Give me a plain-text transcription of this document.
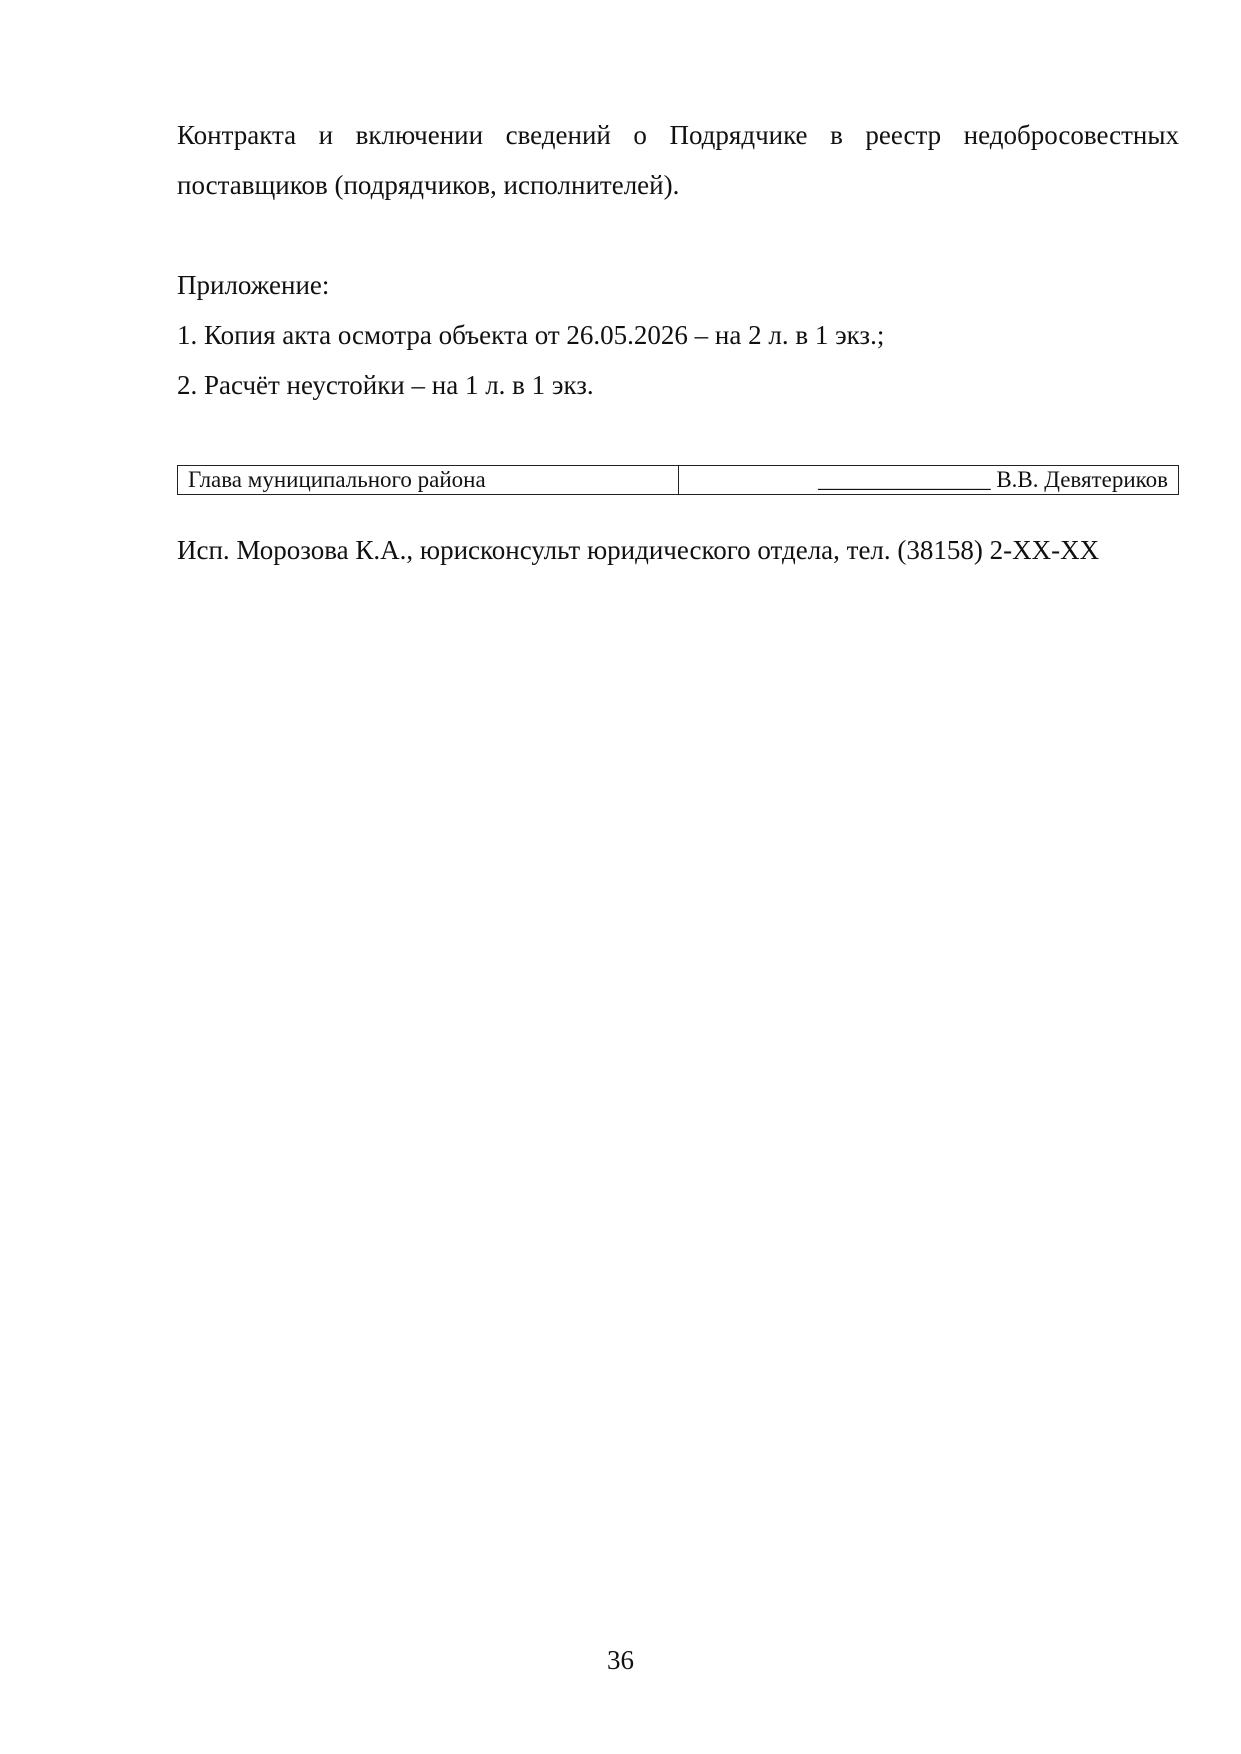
Контракта и включении сведений о Подрядчике в реестр недобросовестных поставщиков (подрядчиков, исполнителей).

Приложение:

1. Копия акта осмотра объекта от 26.05.2026 – на 2 л. в 1 экз.;
2. Расчёт неустойки – на 1 л. в 1 экз.
Глава муниципального района	_______________ В.В. Девятериков

Исп. Морозова К.А., юрисконсульт юридического отдела, тел. (38158) 2-XX-XX

36
